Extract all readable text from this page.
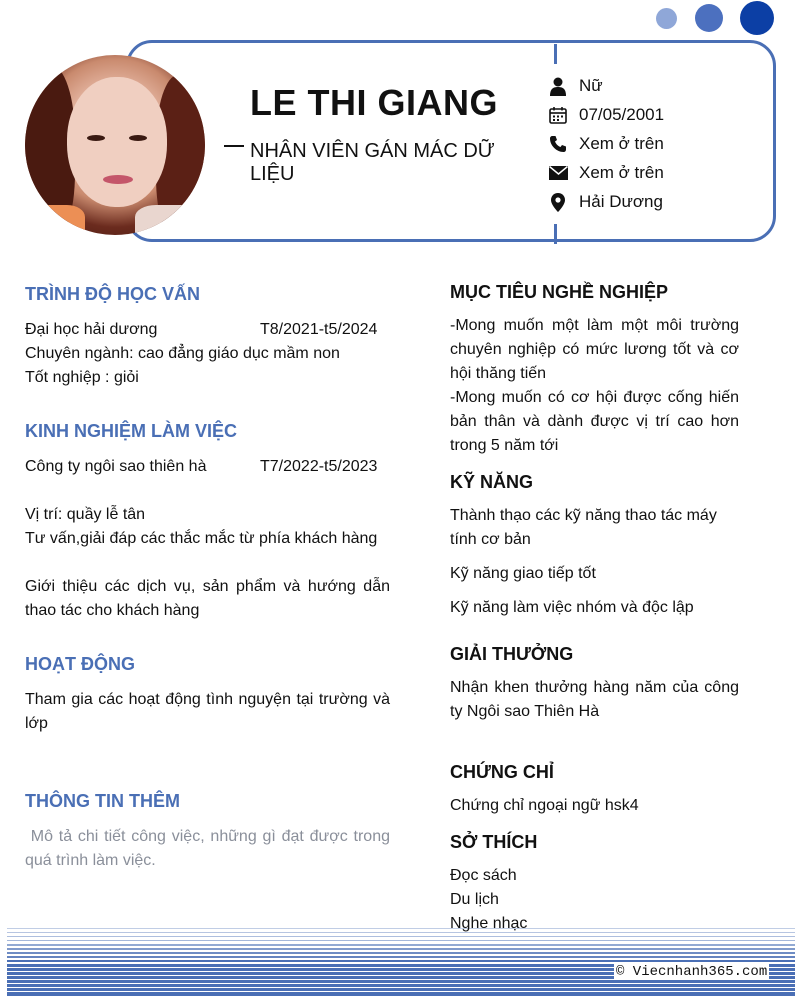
LE THI GIANG

NHÂN VIÊN GÁN MÁC DỮ LIỆU

Nữ
07/05/2001
Xem ở trên
Xem ở trên
Hải Dương
TRÌNH ĐỘ HỌC VẤN

Đại học hải dương	T8/2021-t5/2024

Chuyên ngành: cao đẳng giáo dục mầm non

Tốt nghiệp : giỏi

KINH NGHIỆM LÀM VIỆC

Công ty ngôi sao thiên hà	T7/2022-t5/2023

Vị trí: quầy lễ tân

Tư vấn,giải đáp các thắc mắc từ phía khách hàng

Giới thiệu các dịch vụ, sản phẩm và hướng dẫn thao tác cho khách hàng

HOẠT ĐỘNG

Tham gia các hoạt động tình nguyện tại trường và lớp

THÔNG TIN THÊM

Mô tả chi tiết công việc, những gì đạt được trong quá trình làm việc.

MỤC TIÊU NGHỀ NGHIỆP

-Mong muốn một làm một môi trường chuyên nghiệp có mức lương tốt và cơ hội thăng tiến

-Mong muốn có cơ hội được cống hiến bản thân và dành được vị trí cao hơn trong 5 năm tới

KỸ NĂNG

Thành thạo các kỹ năng thao tác máy tính cơ bản

Kỹ năng giao tiếp tốt

Kỹ năng làm việc nhóm và độc lập

GIẢI THƯỞNG

Nhận khen thưởng hàng năm của công ty Ngôi sao Thiên Hà

CHỨNG CHỈ

Chứng chỉ ngoại ngữ hsk4

SỞ THÍCH

Đọc sách

Du lịch

Nghe nhạc

© Viecnhanh365.com
